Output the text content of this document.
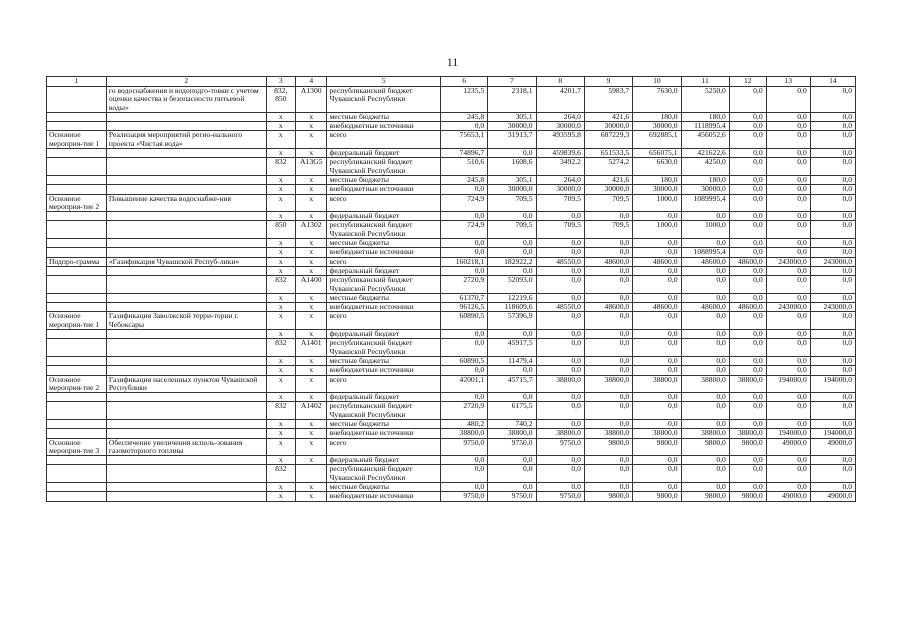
11
1	2	3	4	5	6	7	8	9	10	11	12	13	14
	го водоснабжения и водоподго-товки с учетом оценки качества и безопасности питьевой воды»	832, 850	A1300	республиканский бюджет Чувашской Республики	1235,5	2318,1	4201,7	5983,7	7630,0	5250,0	0,0	0,0	0,0
		x	x	местные бюджеты	245,8	305,1	264,0	421,6	180,0	180,0	0,0	0,0	0,0
		x	x	внебюджетные источники	0,0	30000,0	30000,0	30000,0	30000,0	1118995,4	0,0	0,0	0,0
Основное мероприя-тие 1	Реализация мероприятий регио-нального проекта «Чистая вода»	x	x	всего	75653,1	31913,7	493595,8	687229,3	692885,1	456052,6	0,0	0,0	0,0
		x	x	федеральный бюджет	74896,7	0,0	459839,6	651533,5	656075,1	421622,6	0,0	0,0	0,0
		832	A13G5	республиканский бюджет Чувашской Республики	510,6	1608,6	3492,2	5274,2	6630,0	4250,0	0,0	0,0	0,0
		x	x	местные бюджеты	245,8	305,1	264,0	421,6	180,0	180,0	0,0	0,0	0,0
		x	x	внебюджетные источники	0,0	30000,0	30000,0	30000,0	30000,0	30000,0	0,0	0,0	0,0
Основное мероприя-тие 2	Повышение качества водоснабже-ния	x	x	всего	724,9	709,5	709,5	709,5	1000,0	1089995,4	0,0	0,0	0,0
		x	x	федеральный бюджет	0,0	0,0	0,0	0,0	0,0	0,0	0,0	0,0	0,0
		850	A1302	республиканский бюджет Чувашской Республики	724,9	709,5	709,5	709,5	1000,0	1000,0	0,0	0,0	0,0
		x	x	местные бюджеты	0,0	0,0	0,0	0,0	0,0	0,0	0,0	0,0	0,0
		x	x	внебюджетные источники	0,0	0,0	0,0	0,0	0,0	1088995,4	0,0	0,0	0,0
Подпро-грамма	«Газификация Чувашской Респуб-лики»	x	x	всего	160218,1	182922,2	48550,0	48600,0	48600,0	48600,0	48600,0	243000,0	243000,0
		x	x	федеральный бюджет	0,0	0,0	0,0	0,0	0,0	0,0	0,0	0,0	0,0
		832	A1400	республиканский бюджет Чувашской Республики	2720,9	52093,0	0,0	0,0	0,0	0,0	0,0	0,0	0,0
		x	x	местные бюджеты	61370,7	12219,6	0,0	0,0	0,0	0,0	0,0	0,0	0,0
		x	x	внебюджетные источники	96126,5	118609,6	48550,0	48600,0	48600,0	48600,0	48600,0	243000,0	243000,0
Основное мероприя-тие 1	Газификация Заволжской терри-тории г. Чебоксары	x	x	всего	60890,5	57396,9	0,0	0,0	0,0	0,0	0,0	0,0	0,0
		x	x	федеральный бюджет	0,0	0,0	0,0	0,0	0,0	0,0	0,0	0,0	0,0
		832	A1401	республиканский бюджет Чувашской Республики	0,0	45917,5	0,0	0,0	0,0	0,0	0,0	0,0	0,0
		x	x	местные бюджеты	60890,5	11479,4	0,0	0,0	0,0	0,0	0,0	0,0	0,0
		x	x	внебюджетные источники	0,0	0,0	0,0	0,0	0,0	0,0	0,0	0,0	0,0
Основное мероприя-тие 2	Газификация населенных пунктов Чувашской Республики	x	x	всего	42001,1	45715,7	38800,0	38800,0	38800,0	38800,0	38800,0	194000,0	194000,0
		x	x	федеральный бюджет	0,0	0,0	0,0	0,0	0,0	0,0	0,0	0,0	0,0
		832	A1402	республиканский бюджет Чувашской Республики	2720,9	6175,5	0,0	0,0	0,0	0,0	0,0	0,0	0,0
		x	x	местные бюджеты	480,2	740,2	0,0	0,0	0,0	0,0	0,0	0,0	0,0
		x	x	внебюджетные источники	38800,0	38800,0	38800,0	38800,0	38800,0	38800,0	38800,0	194000,0	194000,0
Основное мероприя-тие 3	Обеспечение увеличения исполь-зования газомоторного топлива	x	x	всего	9750,0	9750,0	9750,0	9800,0	9800,0	9800,0	9800,0	49000,0	49000,0
		x	x	федеральный бюджет	0,0	0,0	0,0	0,0	0,0	0,0	0,0	0,0	0,0
		832		республиканский бюджет Чувашской Республики	0,0	0,0	0,0	0,0	0,0	0,0	0,0	0,0	0,0
		x	x	местные бюджеты	0,0	0,0	0,0	0,0	0,0	0,0	0,0	0,0	0,0
		x	x	внебюджетные источники	9750,0	9750,0	9750,0	9800,0	9800,0	9800,0	9800,0	49000,0	49000,0
